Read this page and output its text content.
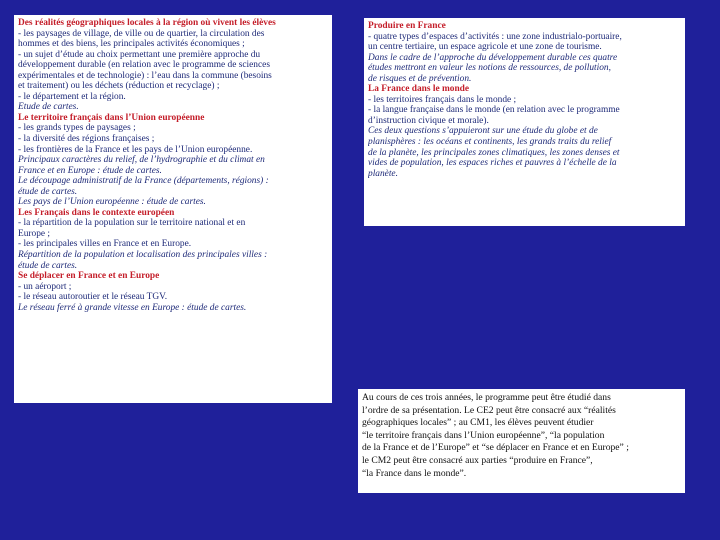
Des réalités géographiques locales à la région où vivent les élèves
- les paysages de village, de ville ou de quartier, la circulation des
hommes et des biens, les principales activités économiques ;
- un sujet d’étude au choix permettant une première approche du
développement durable (en relation avec le programme de sciences
expérimentales et de technologie) : l’eau dans la commune (besoins
et traitement) ou les déchets (réduction et recyclage) ;
- le département et la région.
Étude de cartes.
Le territoire français dans l’Union européenne
- les grands types de paysages ;
- la diversité des régions françaises ;
- les frontières de la France et les pays de l’Union européenne.
Principaux caractères du relief, de l’hydrographie et du climat en
France et en Europe : étude de cartes.
Le découpage administratif de la France (départements, régions) :
étude de cartes.
Les pays de l’Union européenne : étude de cartes.
Les Français dans le contexte européen
- la répartition de la population sur le territoire national et en
Europe ;
- les principales villes en France et en Europe.
Répartition de la population et localisation des principales villes :
étude de cartes.
Se déplacer en France et en Europe
- un aéroport ;
- le réseau autoroutier et le réseau TGV.
Le réseau ferré à grande vitesse en Europe : étude de cartes.
Produire en France
- quatre types d’espaces d’activités : une zone industrialo-portuaire,
un centre tertiaire, un espace agricole et une zone de tourisme.
Dans le cadre de l’approche du développement durable ces quatre
études mettront en valeur les notions de ressources, de pollution,
de risques et de prévention.
La France dans le monde
- les territoires français dans le monde ;
- la langue française dans le monde (en relation avec le programme
d’instruction civique et morale).
Ces deux questions s’appuieront sur une étude du globe et de
planisphères : les océans et continents, les grands traits du relief
de la planète, les principales zones climatiques, les zones denses et
vides de population, les espaces riches et pauvres à l’échelle de la
planète.
Au cours de ces trois années, le programme peut être étudié dans
l’ordre de sa présentation. Le CE2 peut être consacré aux “réalités
géographiques locales” ; au CM1, les élèves peuvent étudier
“le territoire français dans l’Union européenne”, “la population
de la France et de l’Europe” et “se déplacer en France et en Europe” ;
le CM2 peut être consacré aux parties “produire en France”,
“la France dans le monde”.
